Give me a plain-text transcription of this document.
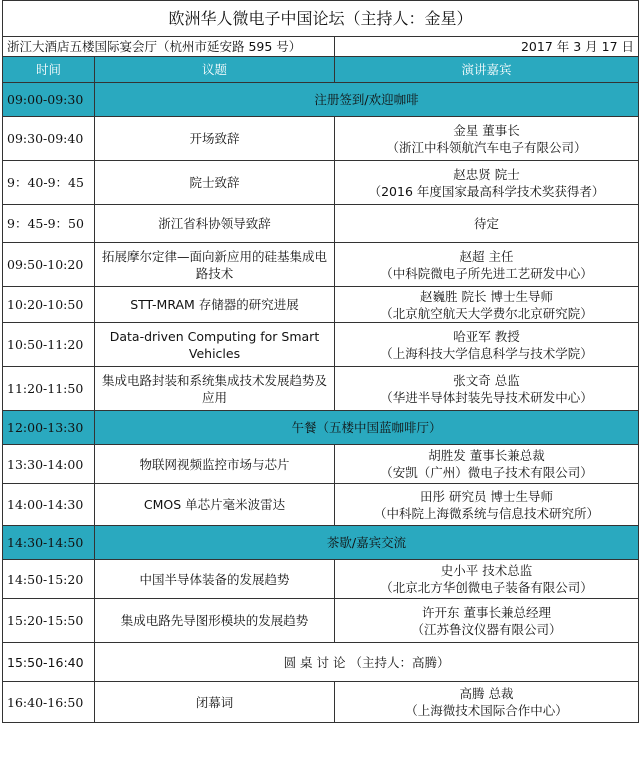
欧洲华人微电子中国论坛（主持人：金星）		
浙江大酒店五楼国际宴会厅（杭州市延安路 595 号）		2017 年 3 月 17 日
时间	议题	演讲嘉宾
09:00-09:30	注册签到/欢迎咖啡	
09:30-09:40	开场致辞	金星 董事长
（浙江中科领航汽车电子有限公司）

9：40-9：45	院士致辞	赵忠贤 院士
（2016 年度国家最高科学技术奖获得者）

9：45-9：50	浙江省科协领导致辞	待定

09:50-10:20	拓展摩尔定律—面向新应用的硅基集成电路技术	赵超 主任
（中科院微电子所先进工艺研发中心）

10:20-10:50	STT-MRAM 存储器的研究进展	赵巍胜 院长 博士生导师
（北京航空航天大学费尔北京研究院）

10:50-11:20	Data-driven Computing for Smart Vehicles	哈亚军 教授
（上海科技大学信息科学与技术学院）

11:20-11:50	集成电路封装和系统集成技术发展趋势及应用	张文奇 总监
（华进半导体封装先导技术研发中心）

12:00-13:30	午餐（五楼中国蓝咖啡厅）	
13:30-14:00	物联网视频监控市场与芯片	胡胜发 董事长兼总裁
（安凯（广州）微电子技术有限公司）

14:00-14:30	CMOS 单芯片毫米波雷达	田彤 研究员 博士生导师
（中科院上海微系统与信息技术研究所）

14:30-14:50	茶歇/嘉宾交流	
14:50-15:20	中国半导体装备的发展趋势	史小平 技术总监
（北京北方华创微电子装备有限公司）

15:20-15:50	集成电路先导图形模块的发展趋势	许开东 董事长兼总经理
（江苏鲁汶仪器有限公司）

15:50-16:40	圆 桌 讨 论 （主持人：高腾）	
16:40-16:50	闭幕词	高腾 总裁
（上海微技术国际合作中心）
